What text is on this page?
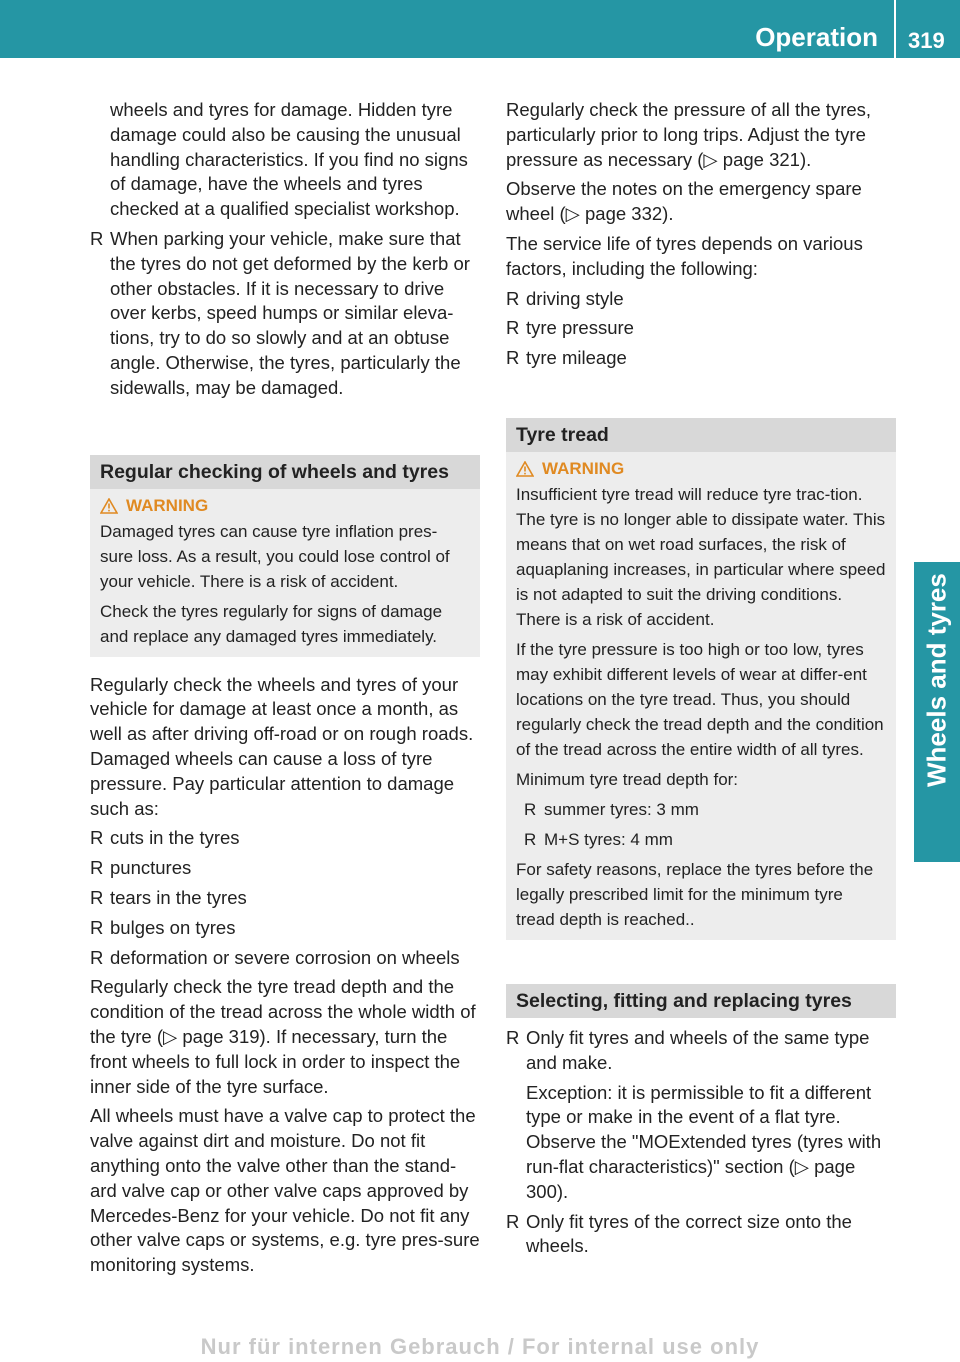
Operation 319
Wheels and tyres

wheels and tyres for damage. Hidden tyre damage could also be causing the unusual handling characteristics. If you find no signs of damage, have the wheels and tyres checked at a qualified specialist workshop.

R When parking your vehicle, make sure that the tyres do not get deformed by the kerb or other obstacles. If it is necessary to drive over kerbs, speed humps or similar eleva-tions, try to do so slowly and at an obtuse angle. Otherwise, the tyres, particularly the sidewalls, may be damaged.
Regular checking of wheels and tyres
WARNING

Damaged tyres can cause tyre inflation pres-sure loss. As a result, you could lose control of your vehicle. There is a risk of accident.

Check the tyres regularly for signs of damage and replace any damaged tyres immediately.

Regularly check the wheels and tyres of your vehicle for damage at least once a month, as well as after driving off-road or on rough roads. Damaged wheels can cause a loss of tyre pressure. Pay particular attention to damage such as:

R cuts in the tyres
R punctures
R tears in the tyres
R bulges on tyres
R deformation or severe corrosion on wheels

Regularly check the tyre tread depth and the condition of the tread across the whole width of the tyre (▷ page 319). If necessary, turn the front wheels to full lock in order to inspect the inner side of the tyre surface.

All wheels must have a valve cap to protect the valve against dirt and moisture. Do not fit anything onto the valve other than the stand-ard valve cap or other valve caps approved by Mercedes-Benz for your vehicle. Do not fit any other valve caps or systems, e.g. tyre pres-sure monitoring systems.

Regularly check the pressure of all the tyres, particularly prior to long trips. Adjust the tyre pressure as necessary (▷ page 321).

Observe the notes on the emergency spare wheel (▷ page 332).

The service life of tyres depends on various factors, including the following:

R driving style
R tyre pressure
R tyre mileage
Tyre tread
WARNING

Insufficient tyre tread will reduce tyre trac-tion. The tyre is no longer able to dissipate water. This means that on wet road surfaces, the risk of aquaplaning increases, in particular where speed is not adapted to suit the driving conditions. There is a risk of accident.

If the tyre pressure is too high or too low, tyres may exhibit different levels of wear at differ-ent locations on the tyre tread. Thus, you should regularly check the tread depth and the condition of the tread across the entire width of all tyres.

Minimum tyre tread depth for:

R summer tyres: 3 mm
R M+S tyres: 4 mm

For safety reasons, replace the tyres before the legally prescribed limit for the minimum tyre tread depth is reached..

Selecting, fitting and replacing tyres
R Only fit tyres and wheels of the same type and make.

Exception: it is permissible to fit a different type or make in the event of a flat tyre. Observe the "MOExtended tyres (tyres with run-flat characteristics)" section (▷ page 300).

R Only fit tyres of the correct size onto the wheels.
Nur für internen Gebrauch / For internal use only
